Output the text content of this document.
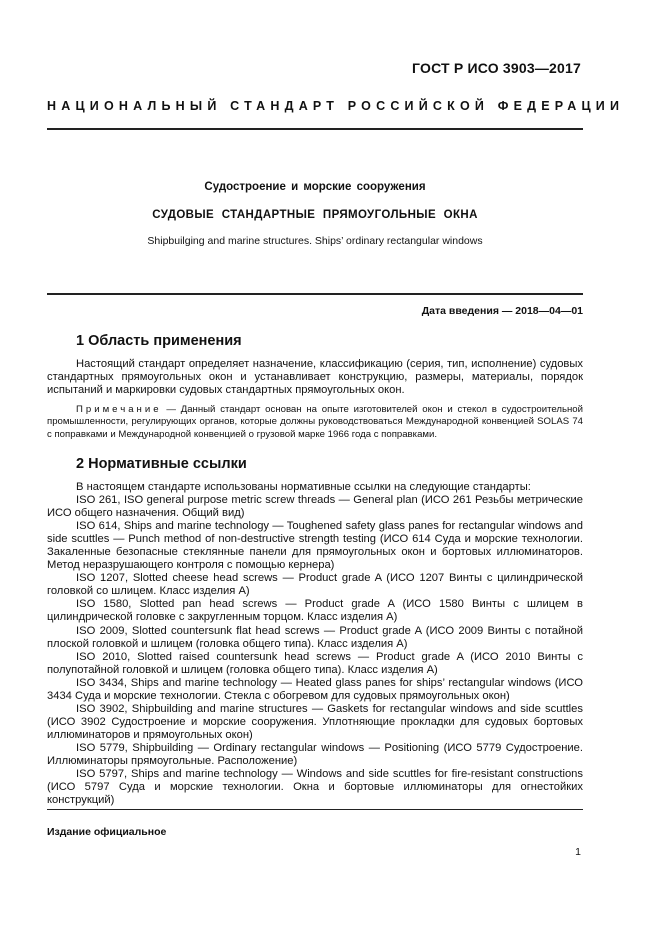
ГОСТ Р ИСО 3903—2017
НАЦИОНАЛЬНЫЙ СТАНДАРТ РОССИЙСКОЙ ФЕДЕРАЦИИ
Судостроение и морские сооружения
СУДОВЫЕ СТАНДАРТНЫЕ ПРЯМОУГОЛЬНЫЕ ОКНА
Shipbuilging and marine structures. Ships’ ordinary rectangular windows
Дата введения — 2018—04—01
1 Область применения
Настоящий стандарт определяет назначение, классификацию (серия, тип, исполнение) судовых стандартных прямоугольных окон и устанавливает конструкцию, размеры, материалы, порядок испытаний и маркировки судовых стандартных прямоугольных окон.
Примечание — Данный стандарт основан на опыте изготовителей окон и стекол в судостроительной промышленности, регулирующих органов, которые должны руководствоваться Международной конвенцией SOLAS 74 с поправками и Международной конвенцией о грузовой марке 1966 года с поправками.
2 Нормативные ссылки

В настоящем стандарте использованы нормативные ссылки на следующие стандарты:

ISO 261, ISO general purpose metric screw threads — General plan (ИСО 261 Резьбы метрические ИСО общего назначения. Общий вид)

ISO 614, Ships and marine technology — Toughened safety glass panes for rectangular windows and side scuttles — Punch method of non-destructive strength testing (ИСО 614 Суда и морские технологии. Закаленные безопасные стеклянные панели для прямоугольных окон и бортовых иллюминаторов. Метод неразрушающего контроля с помощью кернера)

ISO 1207, Slotted cheese head screws — Product grade A (ИСО 1207 Винты с цилиндрической головкой со шлицем. Класс изделия А)

ISO 1580, Slotted pan head screws — Product grade A (ИСО 1580 Винты с шлицем в цилиндрической головке с закругленным торцом. Класс изделия А)

ISO 2009, Slotted countersunk flat head screws — Product grade A (ИСО 2009 Винты с потайной плоской головкой и шлицем (головка общего типа). Класс изделия А)

ISO 2010, Slotted raised countersunk head screws — Product grade A (ИСО 2010 Винты с полупотайной головкой и шлицем (головка общего типа). Класс изделия А)

ISO 3434, Ships and marine technology — Heated glass panes for ships’ rectangular windows (ИСО 3434 Суда и морские технологии. Стекла с обогревом для судовых прямоугольных окон)

ISO 3902, Shipbuilding and marine structures — Gaskets for rectangular windows and side scuttles (ИСО 3902 Судостроение и морские сооружения. Уплотняющие прокладки для судовых бортовых иллюминаторов и прямоугольных окон)

ISO 5779, Shipbuilding — Ordinary rectangular windows — Positioning (ИСО 5779 Судостроение. Иллюминаторы прямоугольные. Расположение)

ISO 5797, Ships and marine technology — Windows and side scuttles for fire-resistant constructions (ИСО 5797 Суда и морские технологии. Окна и бортовые иллюминаторы для огнестойких конструкций)

Издание официальное
1
